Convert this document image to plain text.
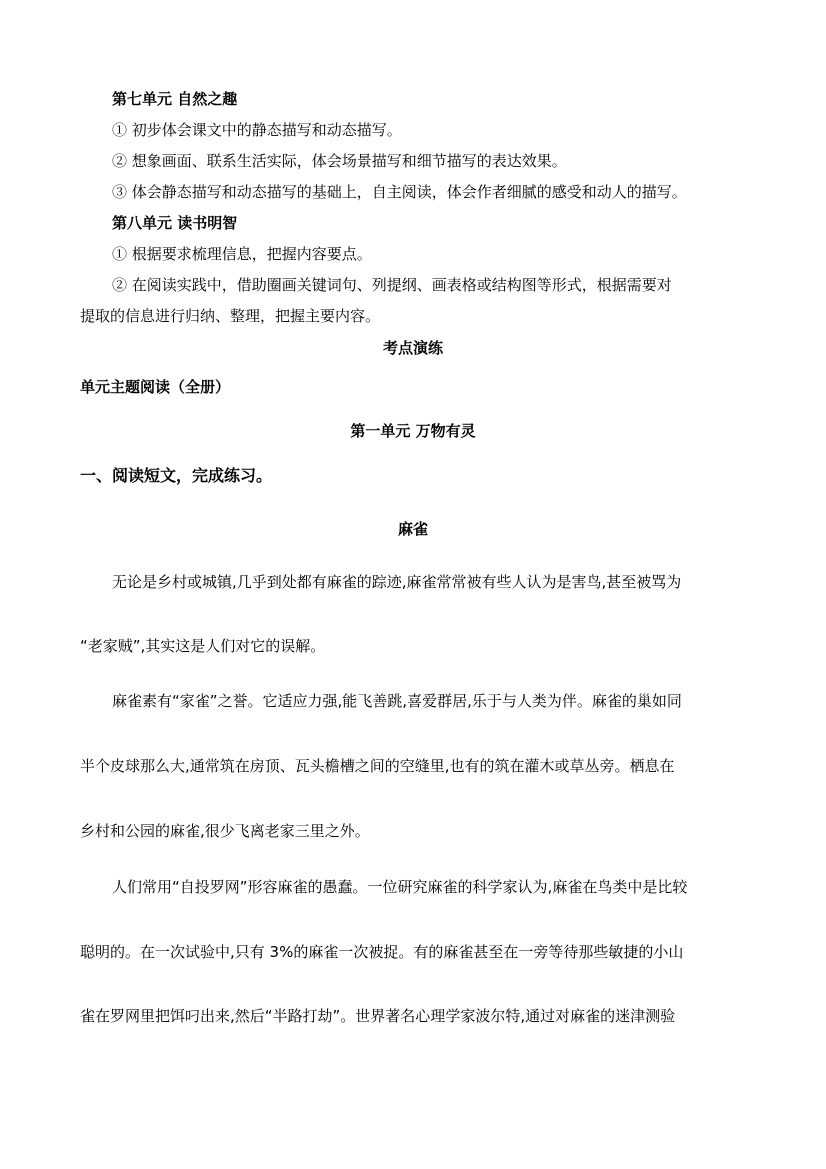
第七单元 自然之趣
① 初步体会课文中的静态描写和动态描写。
② 想象画面、联系生活实际，体会场景描写和细节描写的表达效果。
③ 体会静态描写和动态描写的基础上，自主阅读，体会作者细腻的感受和动人的描写。
第八单元 读书明智
① 根据要求梳理信息，把握内容要点。
② 在阅读实践中，借助圈画关键词句、列提纲、画表格或结构图等形式，根据需要对
提取的信息进行归纳、整理，把握主要内容。
考点演练
单元主题阅读（全册）
第一单元 万物有灵
一、阅读短文，完成练习。
麻雀
无论是乡村或城镇,几乎到处都有麻雀的踪迹,麻雀常常被有些人认为是害鸟,甚至被骂为
“老家贼”,其实这是人们对它的误解。
麻雀素有“家雀”之誉。它适应力强,能飞善跳,喜爱群居,乐于与人类为伴。麻雀的巢如同
半个皮球那么大,通常筑在房顶、瓦头檐槽之间的空缝里,也有的筑在灌木或草丛旁。栖息在
乡村和公园的麻雀,很少飞离老家三里之外。
人们常用“自投罗网”形容麻雀的愚蠢。一位研究麻雀的科学家认为,麻雀在鸟类中是比较
聪明的。在一次试验中,只有 3%的麻雀一次被捉。有的麻雀甚至在一旁等待那些敏捷的小山
雀在罗网里把饵叼出来,然后“半路打劫”。世界著名心理学家波尔特,通过对麻雀的迷津测验
